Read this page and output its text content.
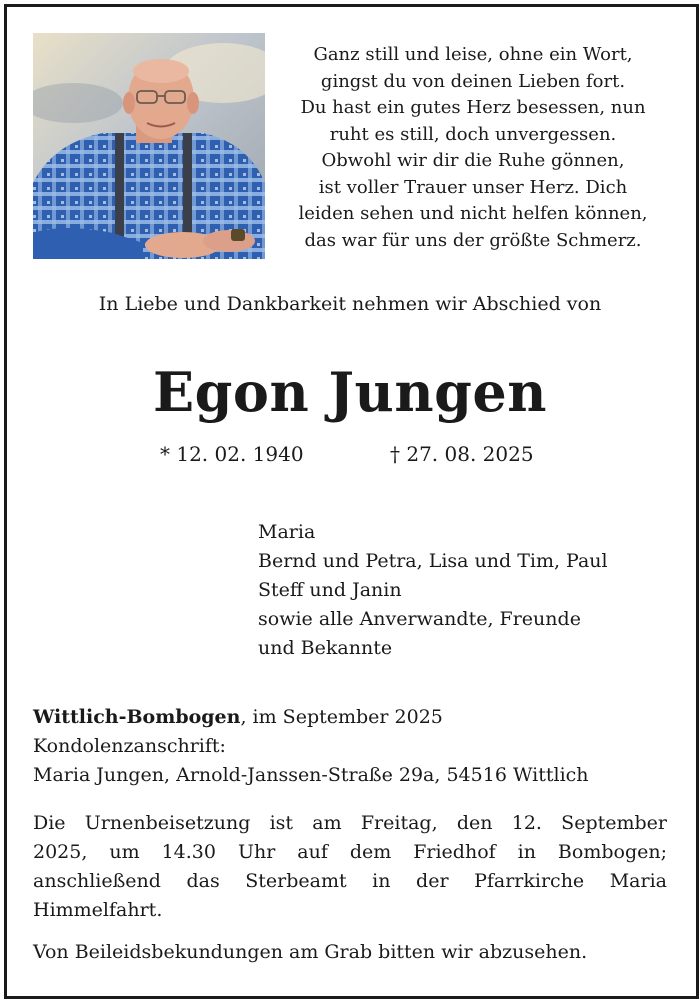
Ganz still und leise, ohne ein Wort,
gingst du von deinen Lieben fort.
Du hast ein gutes Herz besessen, nun
ruht es still, doch unvergessen.
Obwohl wir dir die Ruhe gönnen,
ist voller Trauer unser Herz. Dich
leiden sehen und nicht helfen können,
das war für uns der größte Schmerz.
In Liebe und Dankbarkeit nehmen wir Abschied von
Egon Jungen
* 12. 02. 1940	† 27. 08. 2025
Maria
Bernd und Petra, Lisa und Tim, Paul
Steff und Janin
sowie alle Anverwandte, Freunde
und Bekannte
Wittlich-Bombogen, im September 2025
Kondolenzanschrift:
Maria Jungen, Arnold-Janssen-Straße 29a, 54516 Wittlich
Die Urnenbeisetzung ist am Freitag, den 12. September
2025, um 14.30 Uhr auf dem Friedhof in Bombogen;
anschließend das Sterbeamt in der Pfarrkirche Maria
Himmelfahrt.
Von Beileidsbekundungen am Grab bitten wir abzusehen.
